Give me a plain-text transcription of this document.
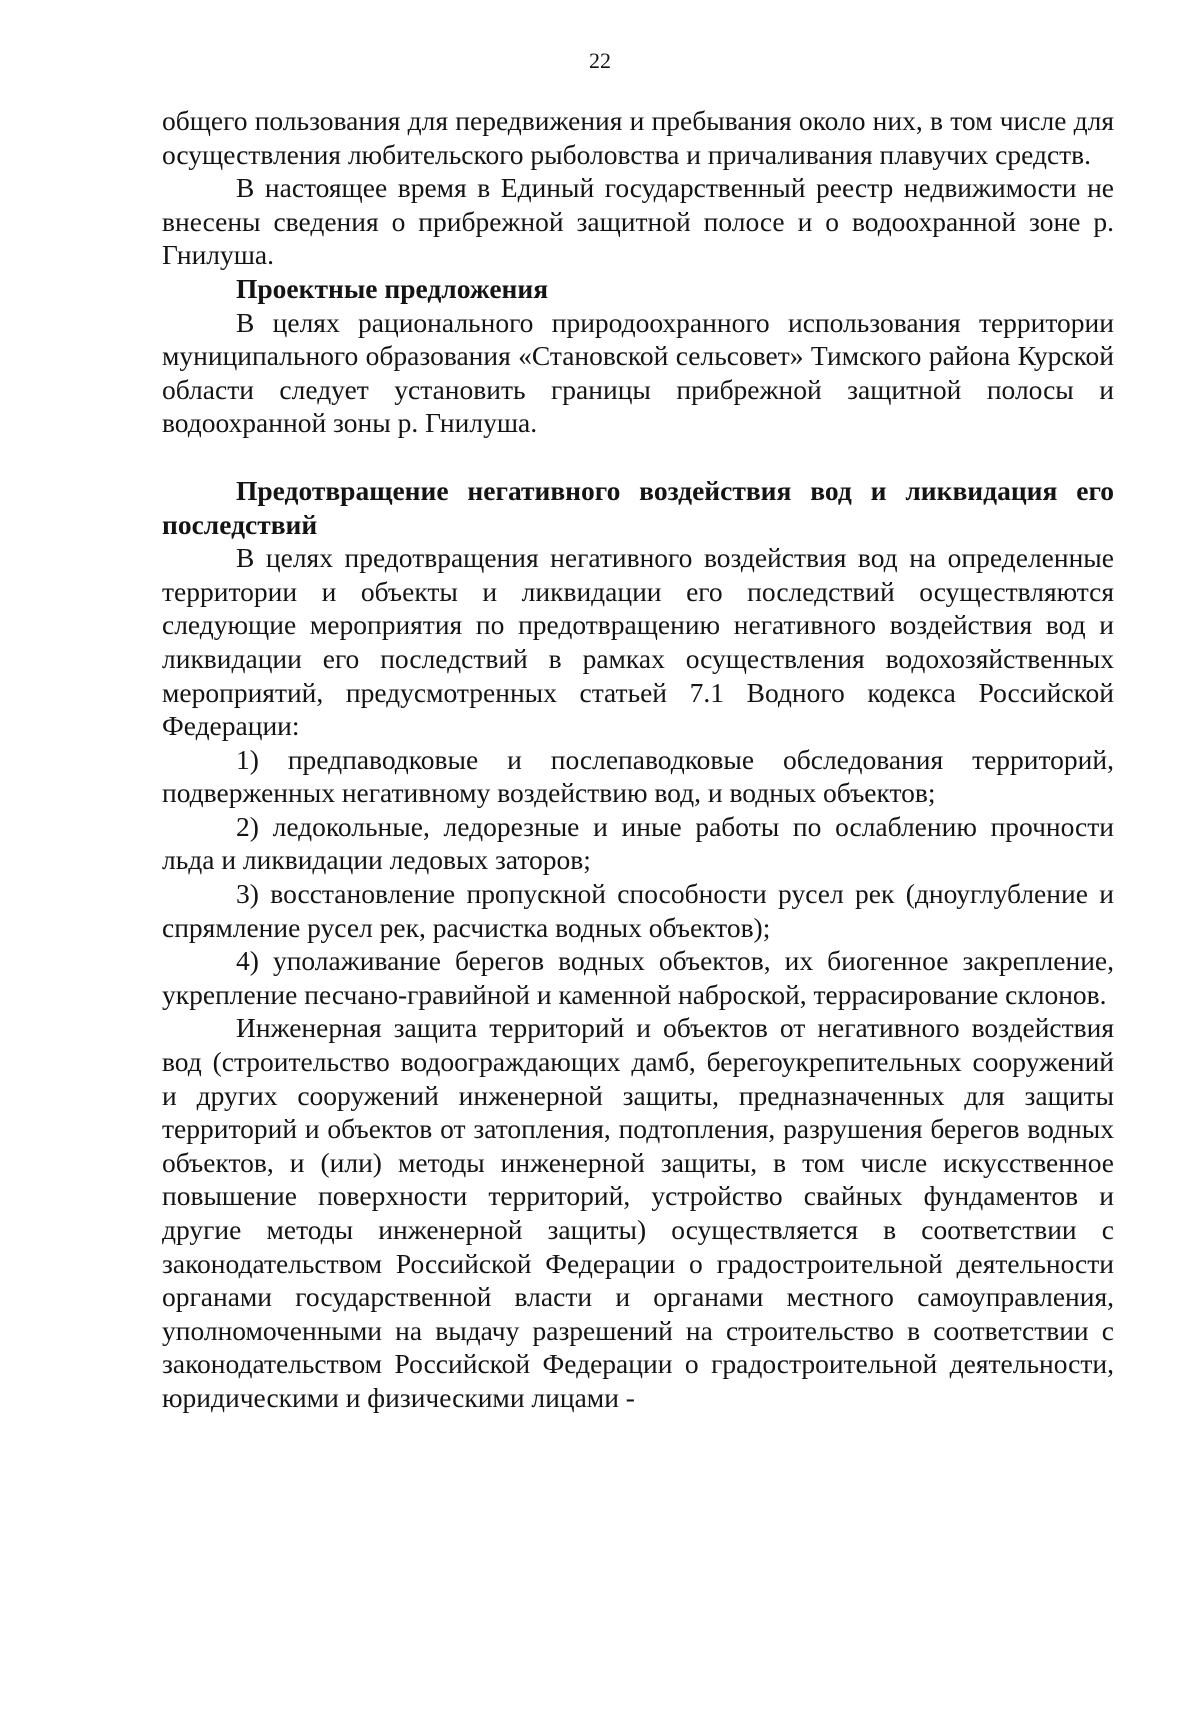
22

общего пользования для передвижения и пребывания около них, в том числе для осуществления любительского рыболовства и причаливания плавучих средств.

В настоящее время в Единый государственный реестр недвижимости не внесены сведения о прибрежной защитной полосе и о водоохранной зоне р. Гнилуша.

Проектные предложения

В целях рационального природоохранного использования территории муниципального образования «Становской сельсовет» Тимского района Курской области следует установить границы прибрежной защитной полосы и водоохранной зоны р. Гнилуша.

Предотвращение негативного воздействия вод и ликвидация его последствий

В целях предотвращения негативного воздействия вод на определенные территории и объекты и ликвидации его последствий осуществляются следующие мероприятия по предотвращению негативного воздействия вод и ликвидации его последствий в рамках осуществления водохозяйственных мероприятий, предусмотренных статьей 7.1 Водного кодекса Российской Федерации:

1) предпаводковые и послепаводковые обследования территорий, подверженных негативному воздействию вод, и водных объектов;

2) ледокольные, ледорезные и иные работы по ослаблению прочности льда и ликвидации ледовых заторов;

3) восстановление пропускной способности русел рек (дноуглубление и спрямление русел рек, расчистка водных объектов);

4) уполаживание берегов водных объектов, их биогенное закрепление, укрепление песчано-гравийной и каменной наброской, террасирование склонов.

Инженерная защита территорий и объектов от негативного воздействия вод (строительство водоограждающих дамб, берегоукрепительных сооружений и других сооружений инженерной защиты, предназначенных для защиты территорий и объектов от затопления, подтопления, разрушения берегов водных объектов, и (или) методы инженерной защиты, в том числе искусственное повышение поверхности территорий, устройство свайных фундаментов и другие методы инженерной защиты) осуществляется в соответствии с законодательством Российской Федерации о градостроительной деятельности органами государственной власти и органами местного самоуправления, уполномоченными на выдачу разрешений на строительство в соответствии с законодательством Российской Федерации о градостроительной деятельности, юридическими и физическими лицами -
